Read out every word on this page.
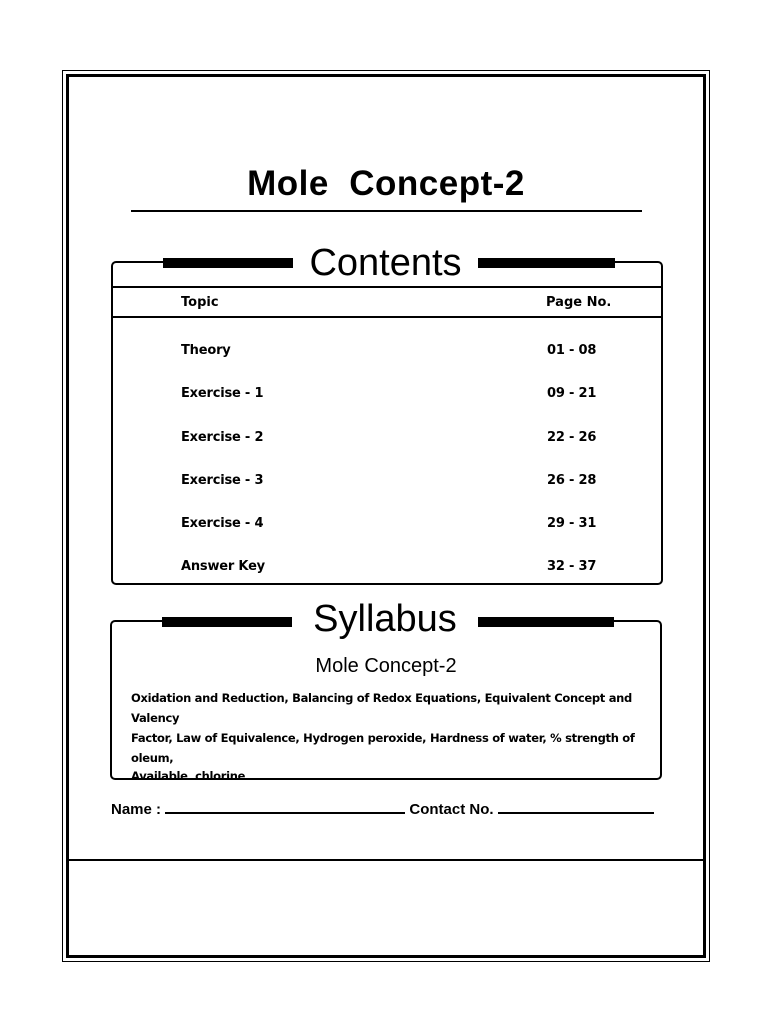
Mole  Concept-2
Contents
Topic	Page No.
Theory	01 - 08
Exercise - 1	09 - 21
Exercise - 2	22 - 26
Exercise - 3	26 - 28
Exercise - 4	29 - 31
Answer Key	32 - 37
Syllabus
Mole Concept-2
Oxidation and Reduction, Balancing of Redox Equations, Equivalent Concept and Valency
Factor, Law of Equivalence, Hydrogen peroxide, Hardness of water, % strength of oleum,
Available  chlorine
Name :	Contact No.
